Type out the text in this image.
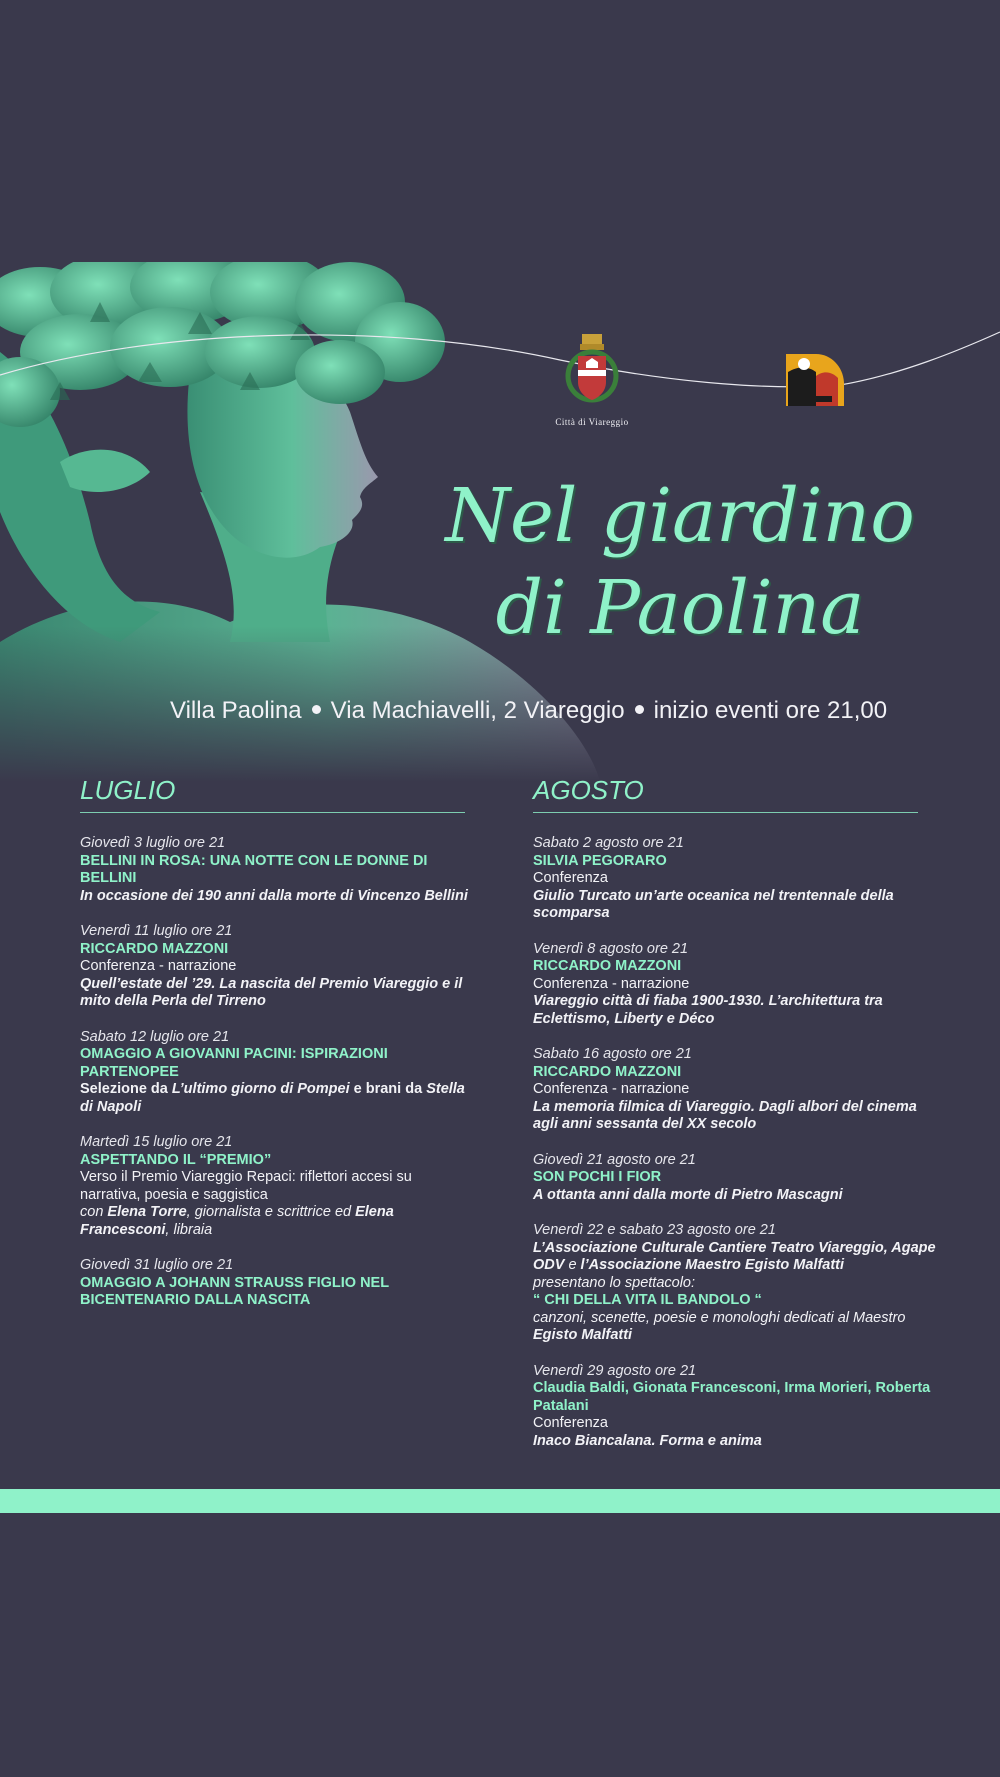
Città di Viareggio
Nel giardino
di Paolina
Villa Paolina Via Machiavelli, 2 Viareggio inizio eventi ore 21,00
LUGLIO
Giovedì 3 luglio ore 21
BELLINI IN ROSA: UNA NOTTE CON LE DONNE DI BELLINI
In occasione dei 190 anni dalla morte di Vincenzo Bellini
Venerdì 11 luglio ore 21
RICCARDO MAZZONI
Conferenza - narrazione
Quell’estate del ’29. La nascita del Premio Viareggio e il mito della Perla del Tirreno
Sabato 12 luglio ore 21
OMAGGIO A GIOVANNI PACINI: ISPIRAZIONI PARTENOPEE
Selezione da L’ultimo giorno di Pompei e brani da Stella di Napoli
Martedì 15 luglio ore 21
ASPETTANDO IL “PREMIO”
Verso il Premio Viareggio Repaci: riflettori accesi su narrativa, poesia e saggistica
con Elena Torre, giornalista e scrittrice ed Elena Francesconi, libraia
Giovedì 31 luglio ore 21
OMAGGIO A JOHANN STRAUSS FIGLIO NEL BICENTENARIO DALLA NASCITA
AGOSTO
Sabato 2 agosto ore 21
SILVIA PEGORARO
Conferenza
Giulio Turcato un’arte oceanica nel trentennale della scomparsa
Venerdì 8 agosto ore 21
RICCARDO MAZZONI
Conferenza - narrazione
Viareggio città di fiaba 1900-1930. L’architettura tra Eclettismo, Liberty e Déco
Sabato 16 agosto ore 21
RICCARDO MAZZONI
Conferenza - narrazione
La memoria filmica di Viareggio. Dagli albori del cinema agli anni sessanta del XX secolo
Giovedì 21 agosto ore 21
SON POCHI I FIOR
A ottanta anni dalla morte di Pietro Mascagni
Venerdì 22 e sabato 23 agosto ore 21
L’Associazione Culturale Cantiere Teatro Viareggio, Agape ODV e l’Associazione Maestro Egisto Malfatti
presentano lo spettacolo:
“ CHI DELLA VITA IL BANDOLO “
canzoni, scenette, poesie e monologhi dedicati al Maestro Egisto Malfatti
Venerdì 29 agosto ore 21
Claudia Baldi, Gionata Francesconi, Irma Morieri, Roberta Patalani
Conferenza
Inaco Biancalana. Forma e anima
